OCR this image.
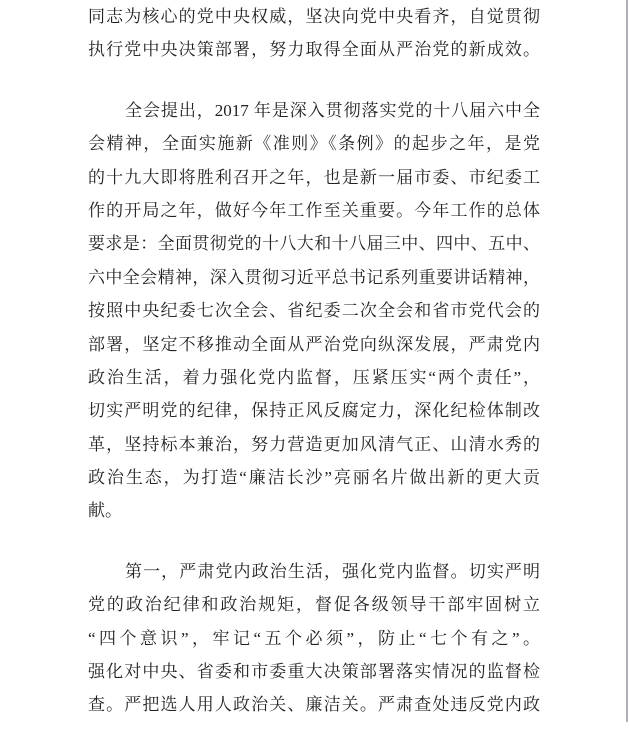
同志为核心的党中央权威，坚决向党中央看齐，自觉贯彻
执行党中央决策部署，努力取得全面从严治党的新成效。
全会提出，2017 年是深入贯彻落实党的十八届六中全
会精神，全面实施新《准则》《条例》的起步之年，是党
的十九大即将胜利召开之年，也是新一届市委、市纪委工
作的开局之年，做好今年工作至关重要。今年工作的总体
要求是：全面贯彻党的十八大和十八届三中、四中、五中、
六中全会精神，深入贯彻习近平总书记系列重要讲话精神，
按照中央纪委七次全会、省纪委二次全会和省市党代会的
部署，坚定不移推动全面从严治党向纵深发展，严肃党内
政治生活，着力强化党内监督，压紧压实“两个责任”，
切实严明党的纪律，保持正风反腐定力，深化纪检体制改
革，坚持标本兼治，努力营造更加风清气正、山清水秀的
政治生态，为打造“廉洁长沙”亮丽名片做出新的更大贡
献。
第一，严肃党内政治生活，强化党内监督。切实严明
党的政治纪律和政治规矩，督促各级领导干部牢固树立
“四个意识”，牢记“五个必须”，防止“七个有之”。
强化对中央、省委和市委重大决策部署落实情况的监督检
查。严把选人用人政治关、廉洁关。严肃查处违反党内政
